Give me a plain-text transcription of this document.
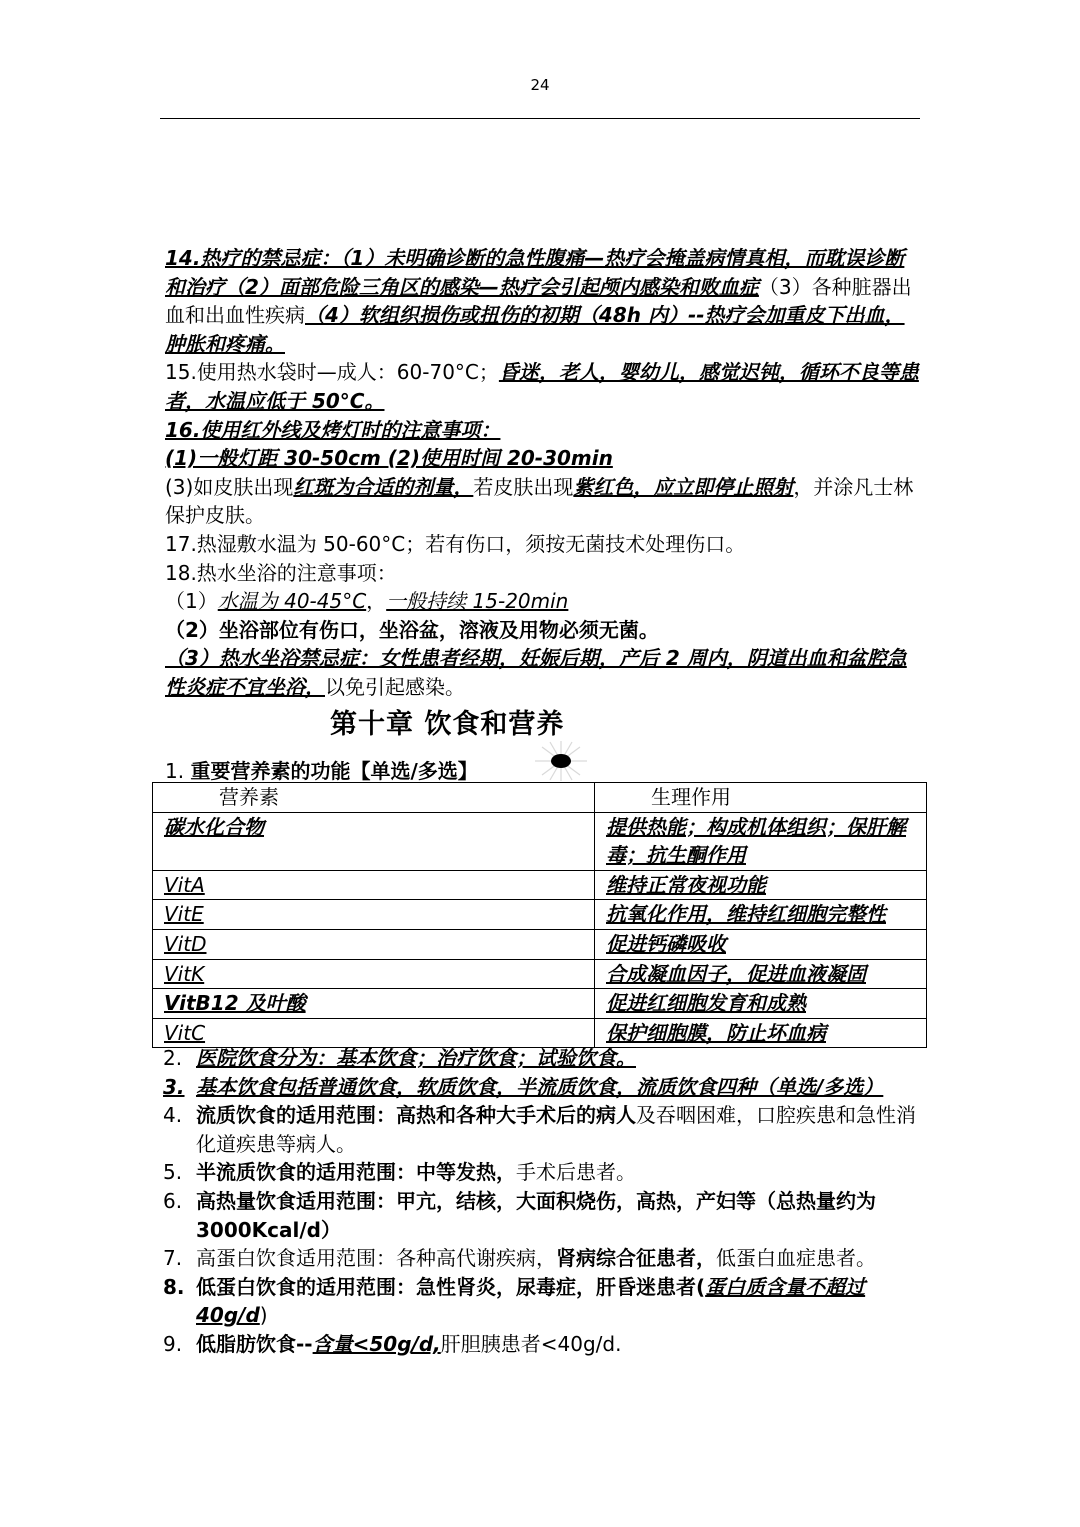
24

14.热疗的禁忌症：（1）未明确诊断的急性腹痛—热疗会掩盖病情真相，而耽误诊断和治疗（2）面部危险三角区的感染—热疗会引起颅内感染和败血症（3）各种脏器出血和出血性疾病（4）软组织损伤或扭伤的初期（48h 内）--热疗会加重皮下出血，肿胀和疼痛。

15.使用热水袋时—成人：60-70°C；昏迷，老人，婴幼儿，感觉迟钝，循环不良等患者，水温应低于 50°C。

16.使用红外线及烤灯时的注意事项：

(1)一般灯距 30-50cm (2)使用时间 20-30min

(3)如皮肤出现红斑为合适的剂量，若皮肤出现紫红色，应立即停止照射，并涂凡士林保护皮肤。

17.热湿敷水温为 50-60°C；若有伤口，须按无菌技术处理伤口。

18.热水坐浴的注意事项：

（1）水温为 40-45°C，一般持续 15-20min

（2）坐浴部位有伤口，坐浴盆，溶液及用物必须无菌。

（3）热水坐浴禁忌症：女性患者经期，妊娠后期，产后 2 周内，阴道出血和盆腔急性炎症不宜坐浴，以免引起感染。

第十章 饮食和营养
1. 重要营养素的功能【单选/多选】
营养素	生理作用
碳水化合物	提供热能；构成机体组织；保肝解毒；抗生酮作用
VitA	维持正常夜视功能
VitE	抗氧化作用，维持红细胞完整性
VitD	促进钙磷吸收
VitK	合成凝血因子，促进血液凝固
VitB12 及叶酸	促进红细胞发育和成熟
VitC	保护细胞膜，防止坏血病
2. 医院饮食分为：基本饮食；治疗饮食；试验饮食。
3. 基本饮食包括普通饮食，软质饮食，半流质饮食，流质饮食四种（单选/多选）
4. 流质饮食的适用范围：高热和各种大手术后的病人及吞咽困难，口腔疾患和急性消化道疾患等病人。
5. 半流质饮食的适用范围：中等发热，手术后患者。
6. 高热量饮食适用范围：甲亢，结核，大面积烧伤，高热，产妇等（总热量约为 3000Kcal/d）
7. 高蛋白饮食适用范围：各种高代谢疾病，肾病综合征患者，低蛋白血症患者。
8. 低蛋白饮食的适用范围：急性肾炎，尿毒症，肝昏迷患者(蛋白质含量不超过 40g/d)
9. 低脂肪饮食--含量<50g/d,肝胆胰患者<40g/d.
